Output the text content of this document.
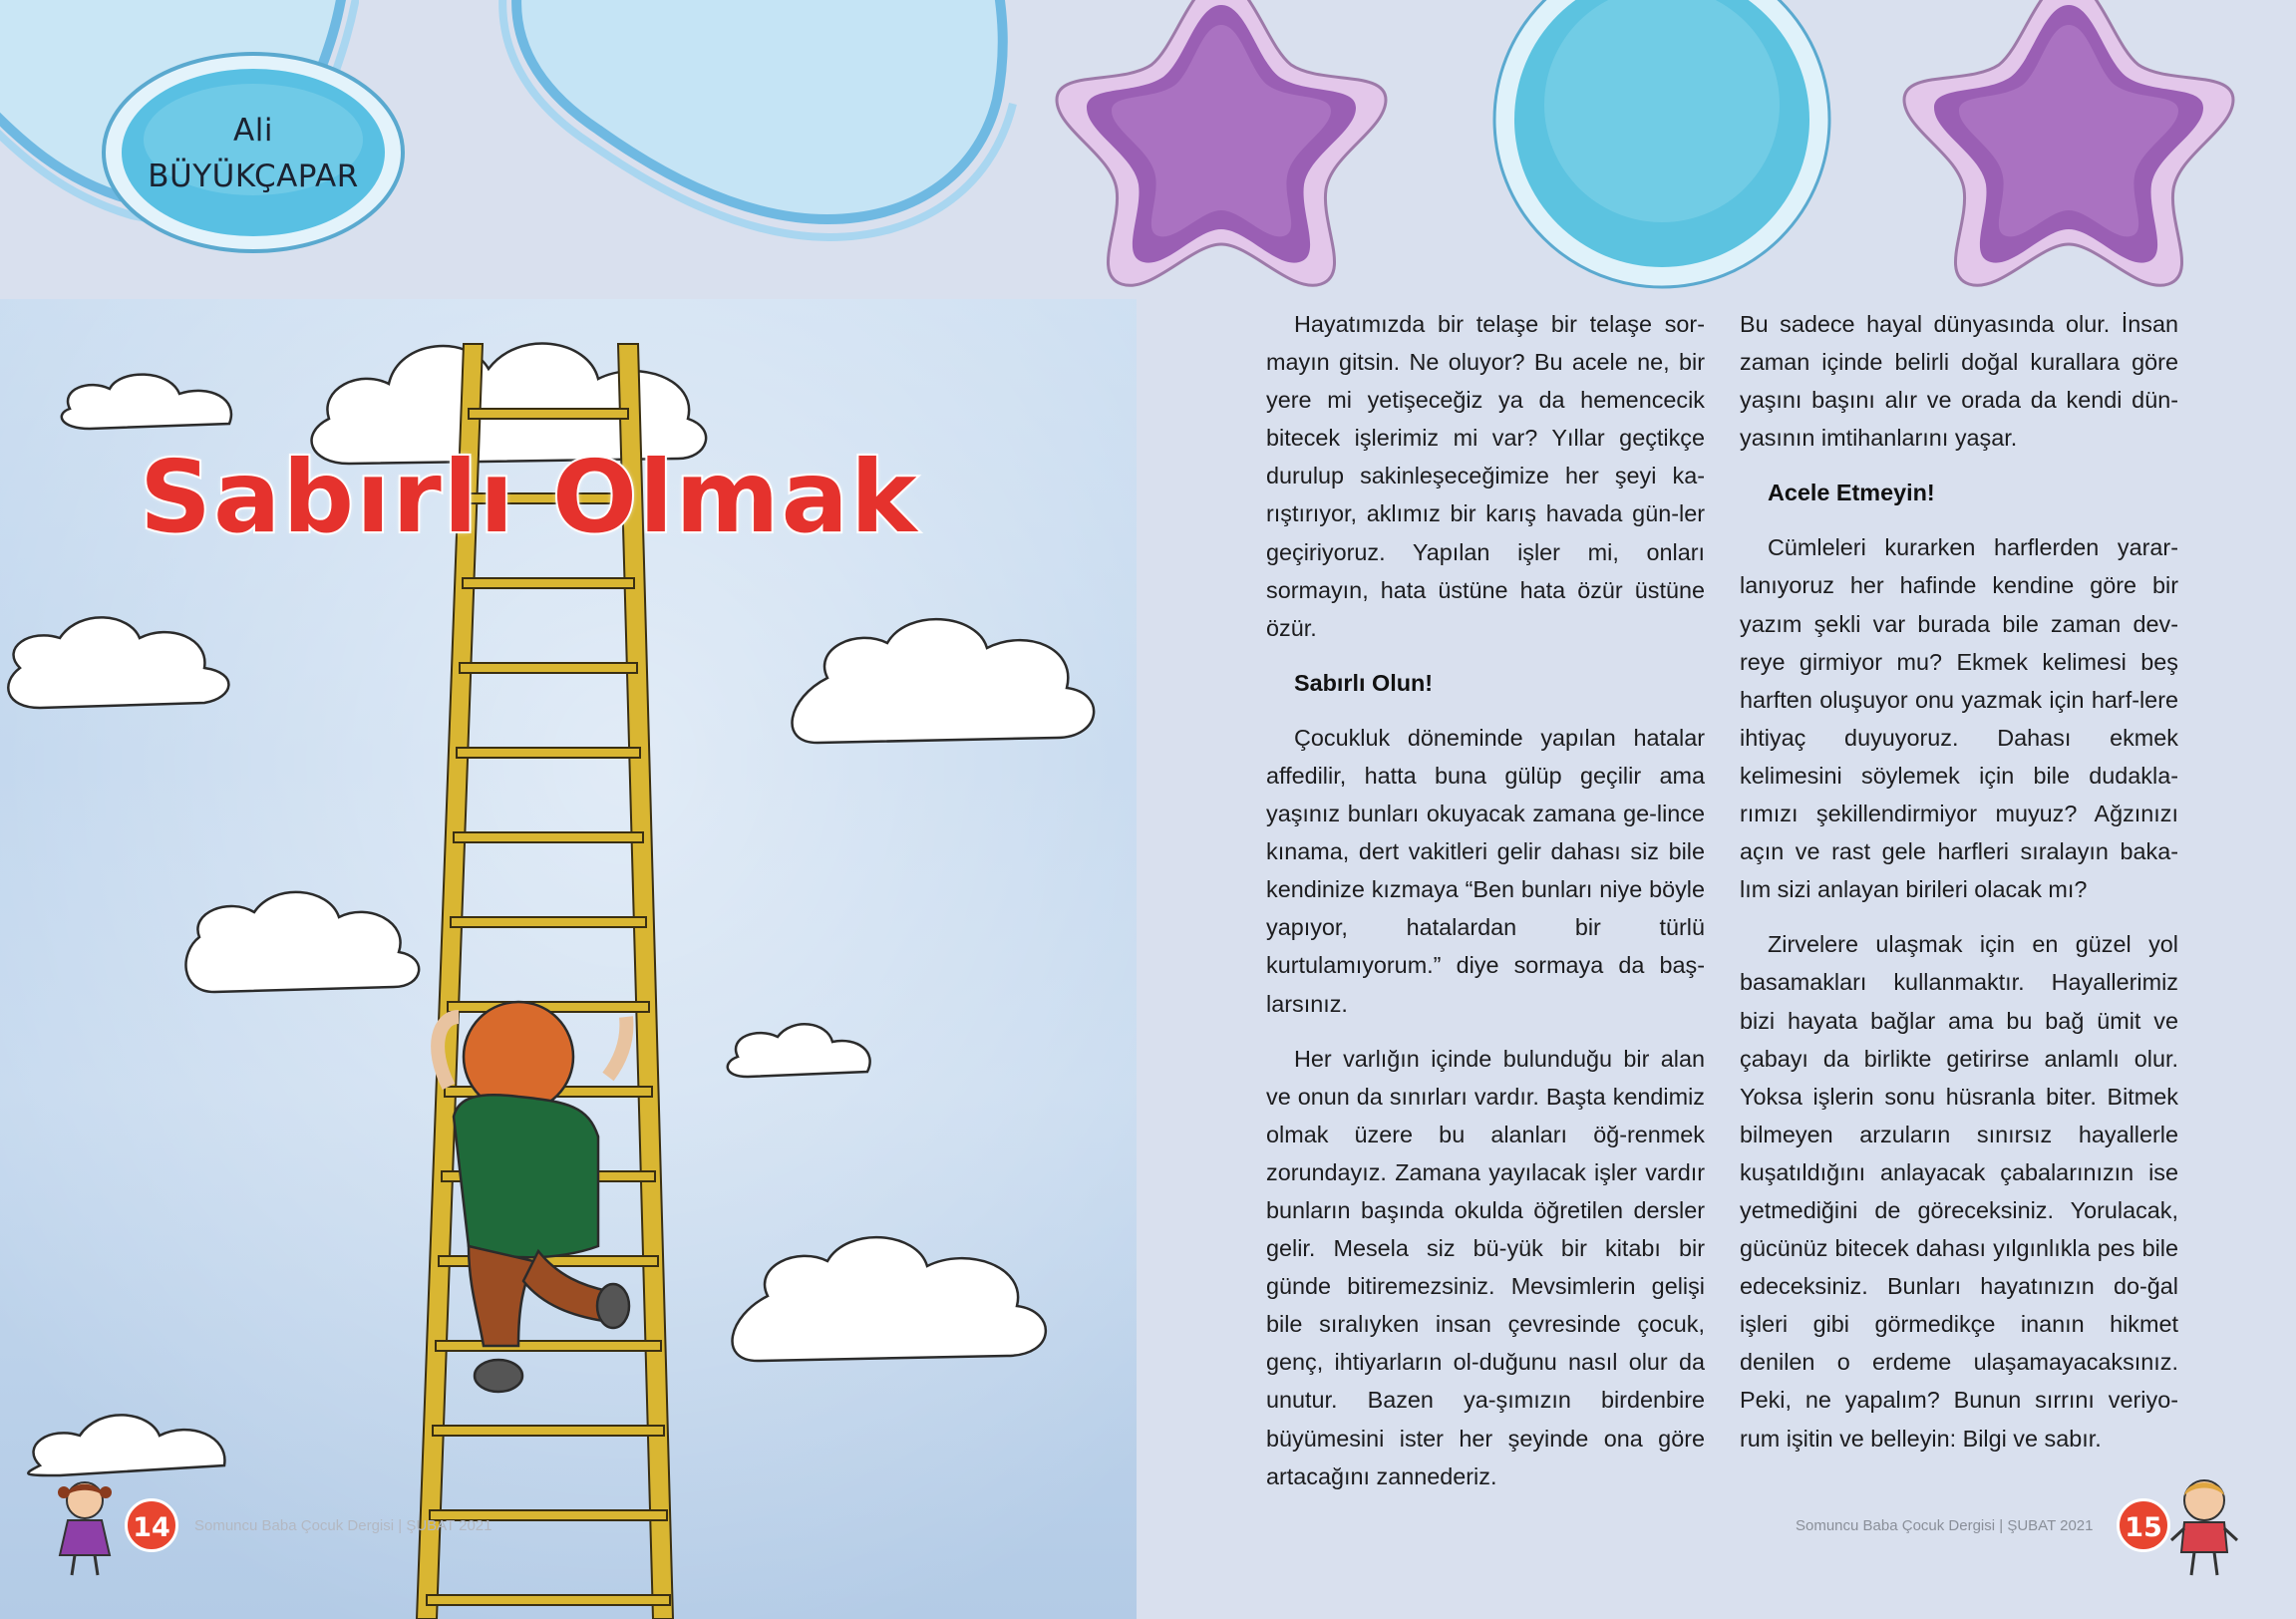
Ali
BÜYÜKÇAPAR
Sabırlı Olmak

Hayatımızda bir telaşe bir telaşe sor-mayın gitsin. Ne oluyor? Bu acele ne, bir yere mi yetişeceğiz ya da hemencecik bitecek işlerimiz mi var? Yıllar geçtikçe durulup sakinleşeceğimize her şeyi ka-rıştırıyor, aklımız bir karış havada gün-ler geçiriyoruz. Yapılan işler mi, onları sormayın, hata üstüne hata özür üstüne özür.

Sabırlı Olun!

Çocukluk döneminde yapılan hatalar affedilir, hatta buna gülüp geçilir ama yaşınız bunları okuyacak zamana ge-lince kınama, dert vakitleri gelir dahası siz bile kendinize kızmaya “Ben bunları niye böyle yapıyor, hatalardan bir türlü kurtulamıyorum.” diye sormaya da baş-larsınız.

Her varlığın içinde bulunduğu bir alan ve onun da sınırları vardır. Başta kendimiz olmak üzere bu alanları öğ-renmek zorundayız. Zamana yayılacak işler vardır bunların başında okulda öğretilen dersler gelir. Mesela siz bü-yük bir kitabı bir günde bitiremezsiniz. Mevsimlerin gelişi bile sıralıyken insan çevresinde çocuk, genç, ihtiyarların ol-duğunu nasıl olur da unutur. Bazen ya-şımızın birdenbire büyümesini ister her şeyinde ona göre artacağını zannederiz.

Bu sadece hayal dünyasında olur. İnsan zaman içinde belirli doğal kurallara göre yaşını başını alır ve orada da kendi dün-yasının imtihanlarını yaşar.

Acele Etmeyin!

Cümleleri kurarken harflerden yarar-lanıyoruz her hafinde kendine göre bir yazım şekli var burada bile zaman dev-reye girmiyor mu? Ekmek kelimesi beş harften oluşuyor onu yazmak için harf-lere ihtiyaç duyuyoruz. Dahası ekmek kelimesini söylemek için bile dudakla-rımızı şekillendirmiyor muyuz? Ağzınızı açın ve rast gele harfleri sıralayın baka-lım sizi anlayan birileri olacak mı?

Zirvelere ulaşmak için en güzel yol basamakları kullanmaktır. Hayallerimiz bizi hayata bağlar ama bu bağ ümit ve çabayı da birlikte getirirse anlamlı olur. Yoksa işlerin sonu hüsranla biter. Bitmek bilmeyen arzuların sınırsız hayallerle kuşatıldığını anlayacak çabalarınızın ise yetmediğini de göreceksiniz. Yorulacak, gücünüz bitecek dahası yılgınlıkla pes bile edeceksiniz. Bunları hayatınızın do-ğal işleri gibi görmedikçe inanın hikmet denilen o erdeme ulaşamayacaksınız. Peki, ne yapalım? Bunun sırrını veriyo-rum işitin ve belleyin: Bilgi ve sabır.

14	Somuncu Baba Çocuk Dergisi | ŞUBAT 2021	Somuncu Baba Çocuk Dergisi | ŞUBAT 2021	15
